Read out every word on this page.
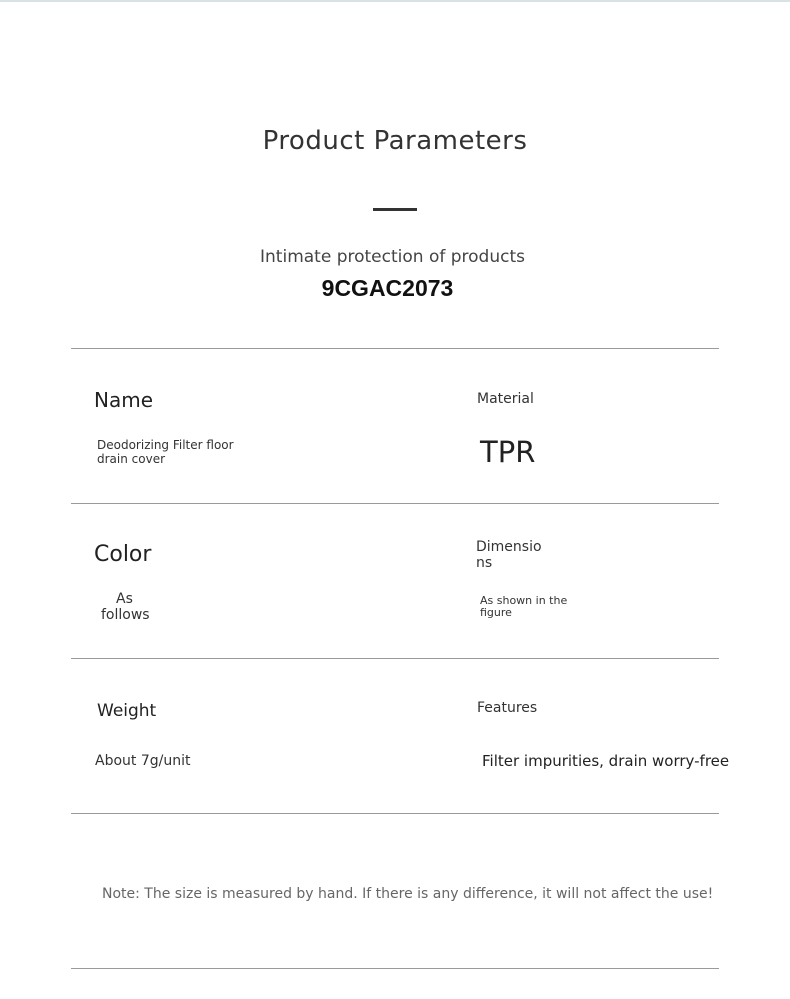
Product Parameters
Intimate protection of products
9CGAC2073
Name
Deodorizing Filter floor
drain cover
Material
TPR
Color
As
follows
Dimensio
ns
As shown in the
figure
Weight
About 7g/unit
Features
Filter impurities, drain worry-free
Note: The size is measured by hand. If there is any difference, it will not affect the use!
